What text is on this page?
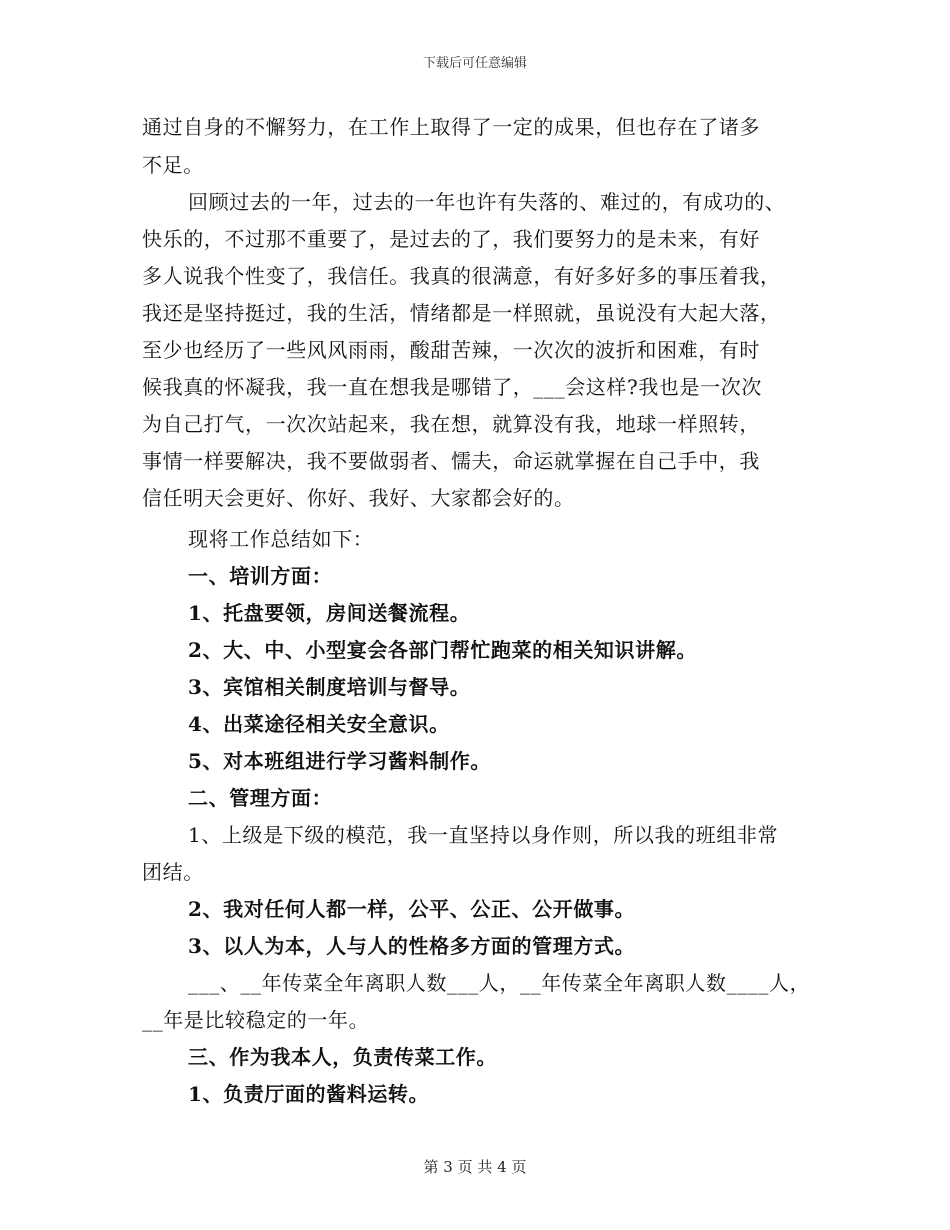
下载后可任意编辑
通过自身的不懈努力，在工作上取得了一定的成果，但也存在了诸多
不足。
回顾过去的一年，过去的一年也许有失落的、难过的，有成功的、
快乐的，不过那不重要了，是过去的了，我们要努力的是未来，有好
多人说我个性变了，我信任。我真的很满意，有好多好多的事压着我，
我还是坚持挺过，我的生活，情绪都是一样照就，虽说没有大起大落，
至少也经历了一些风风雨雨，酸甜苦辣，一次次的波折和困难，有时
候我真的怀凝我，我一直在想我是哪错了，___会这样?我也是一次次
为自己打气，一次次站起来，我在想，就算没有我，地球一样照转，
事情一样要解决，我不要做弱者、懦夫，命运就掌握在自己手中，我
信任明天会更好、你好、我好、大家都会好的。
现将工作总结如下：
一、培训方面：
1、托盘要领，房间送餐流程。
2、大、中、小型宴会各部门帮忙跑菜的相关知识讲解。
3、宾馆相关制度培训与督导。
4、出菜途径相关安全意识。
5、对本班组进行学习酱料制作。
二、管理方面：
1、上级是下级的模范，我一直坚持以身作则，所以我的班组非常
团结。
2、我对任何人都一样，公平、公正、公开做事。
3、以人为本，人与人的性格多方面的管理方式。
___、__年传菜全年离职人数___人，__年传菜全年离职人数____人，
__年是比较稳定的一年。
三、作为我本人，负责传菜工作。
1、负责厅面的酱料运转。
第 3 页 共 4 页
